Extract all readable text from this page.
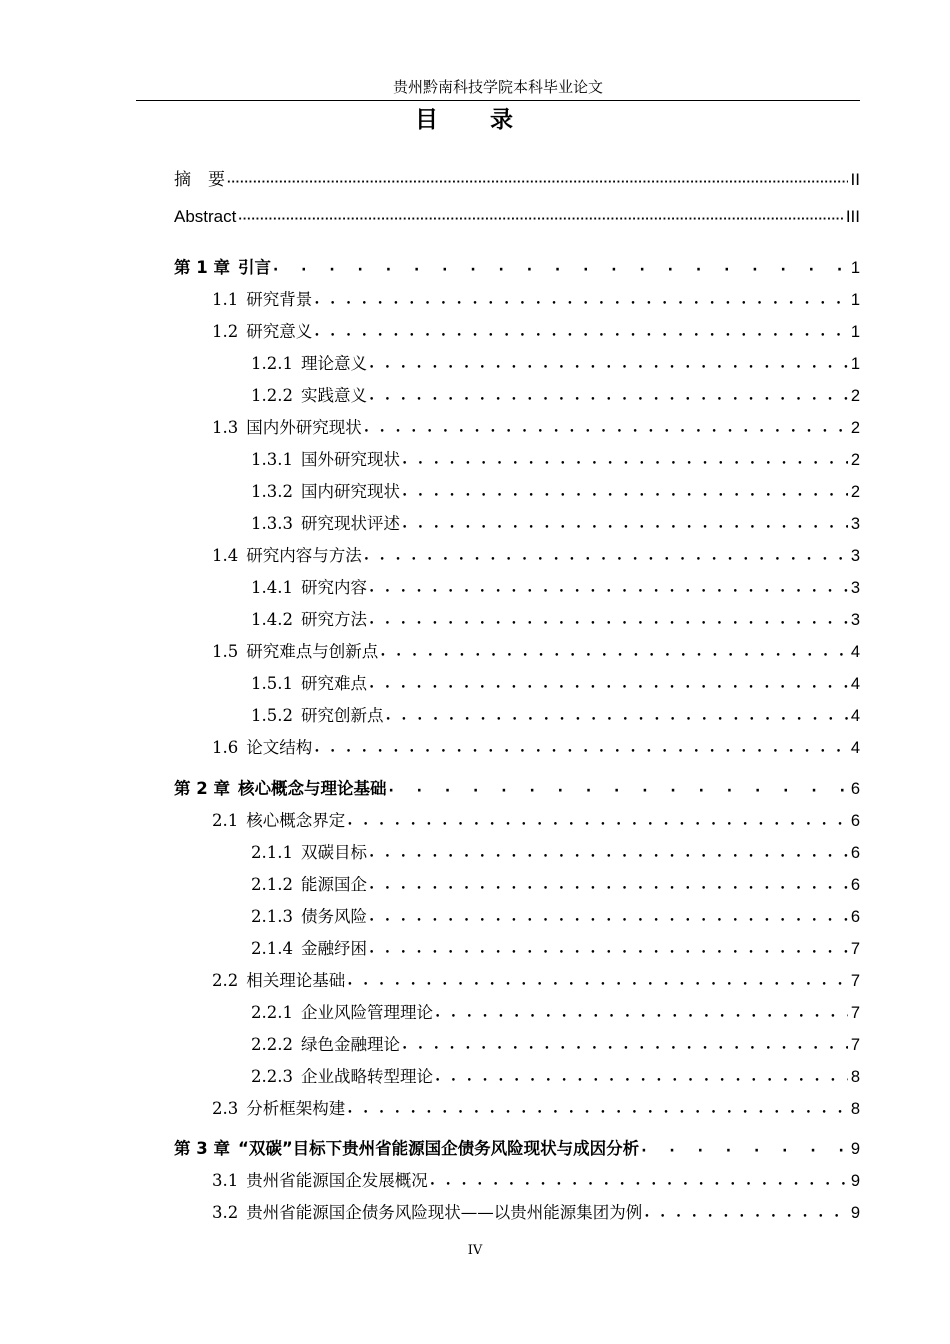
贵州黔南科技学院本科毕业论文
目 录
摘　要 ·····	II
Abstract ·····	III
第 1 章 引言 · · ·	1
1.1 研究背景 •••••	1
1.2 研究意义 •••••	1
1.2.1 理论意义 •••••	1
1.2.2 实践意义 •••••	2
1.3 国内外研究现状 •••••	2
1.3.1 国外研究现状 •••••	2
1.3.2 国内研究现状 •••••	2
1.3.3 研究现状评述 •••••	3
1.4 研究内容与方法 •••••	3
1.4.1 研究内容 •••••	3
1.4.2 研究方法 •••••	3
1.5 研究难点与创新点 •••••	4
1.5.1 研究难点 •••••	4
1.5.2 研究创新点 •••••	4
1.6 论文结构 •••••	4
第 2 章 核心概念与理论基础 · · ·	6
2.1 核心概念界定 •••••	6
2.1.1 双碳目标 •••••	6
2.1.2 能源国企 •••••	6
2.1.3 债务风险 •••••	6
2.1.4 金融纾困 •••••	7
2.2 相关理论基础 •••••	7
2.2.1 企业风险管理理论 •••••	7
2.2.2 绿色金融理论 •••••	7
2.2.3 企业战略转型理论 •••••	8
2.3 分析框架构建 •••••	8
第 3 章 “双碳”目标下贵州省能源国企债务风险现状与成因分析 · · ·	9
3.1 贵州省能源国企发展概况 •••••	9
3.2 贵州省能源国企债务风险现状——以贵州能源集团为例 •••••	9
IV
